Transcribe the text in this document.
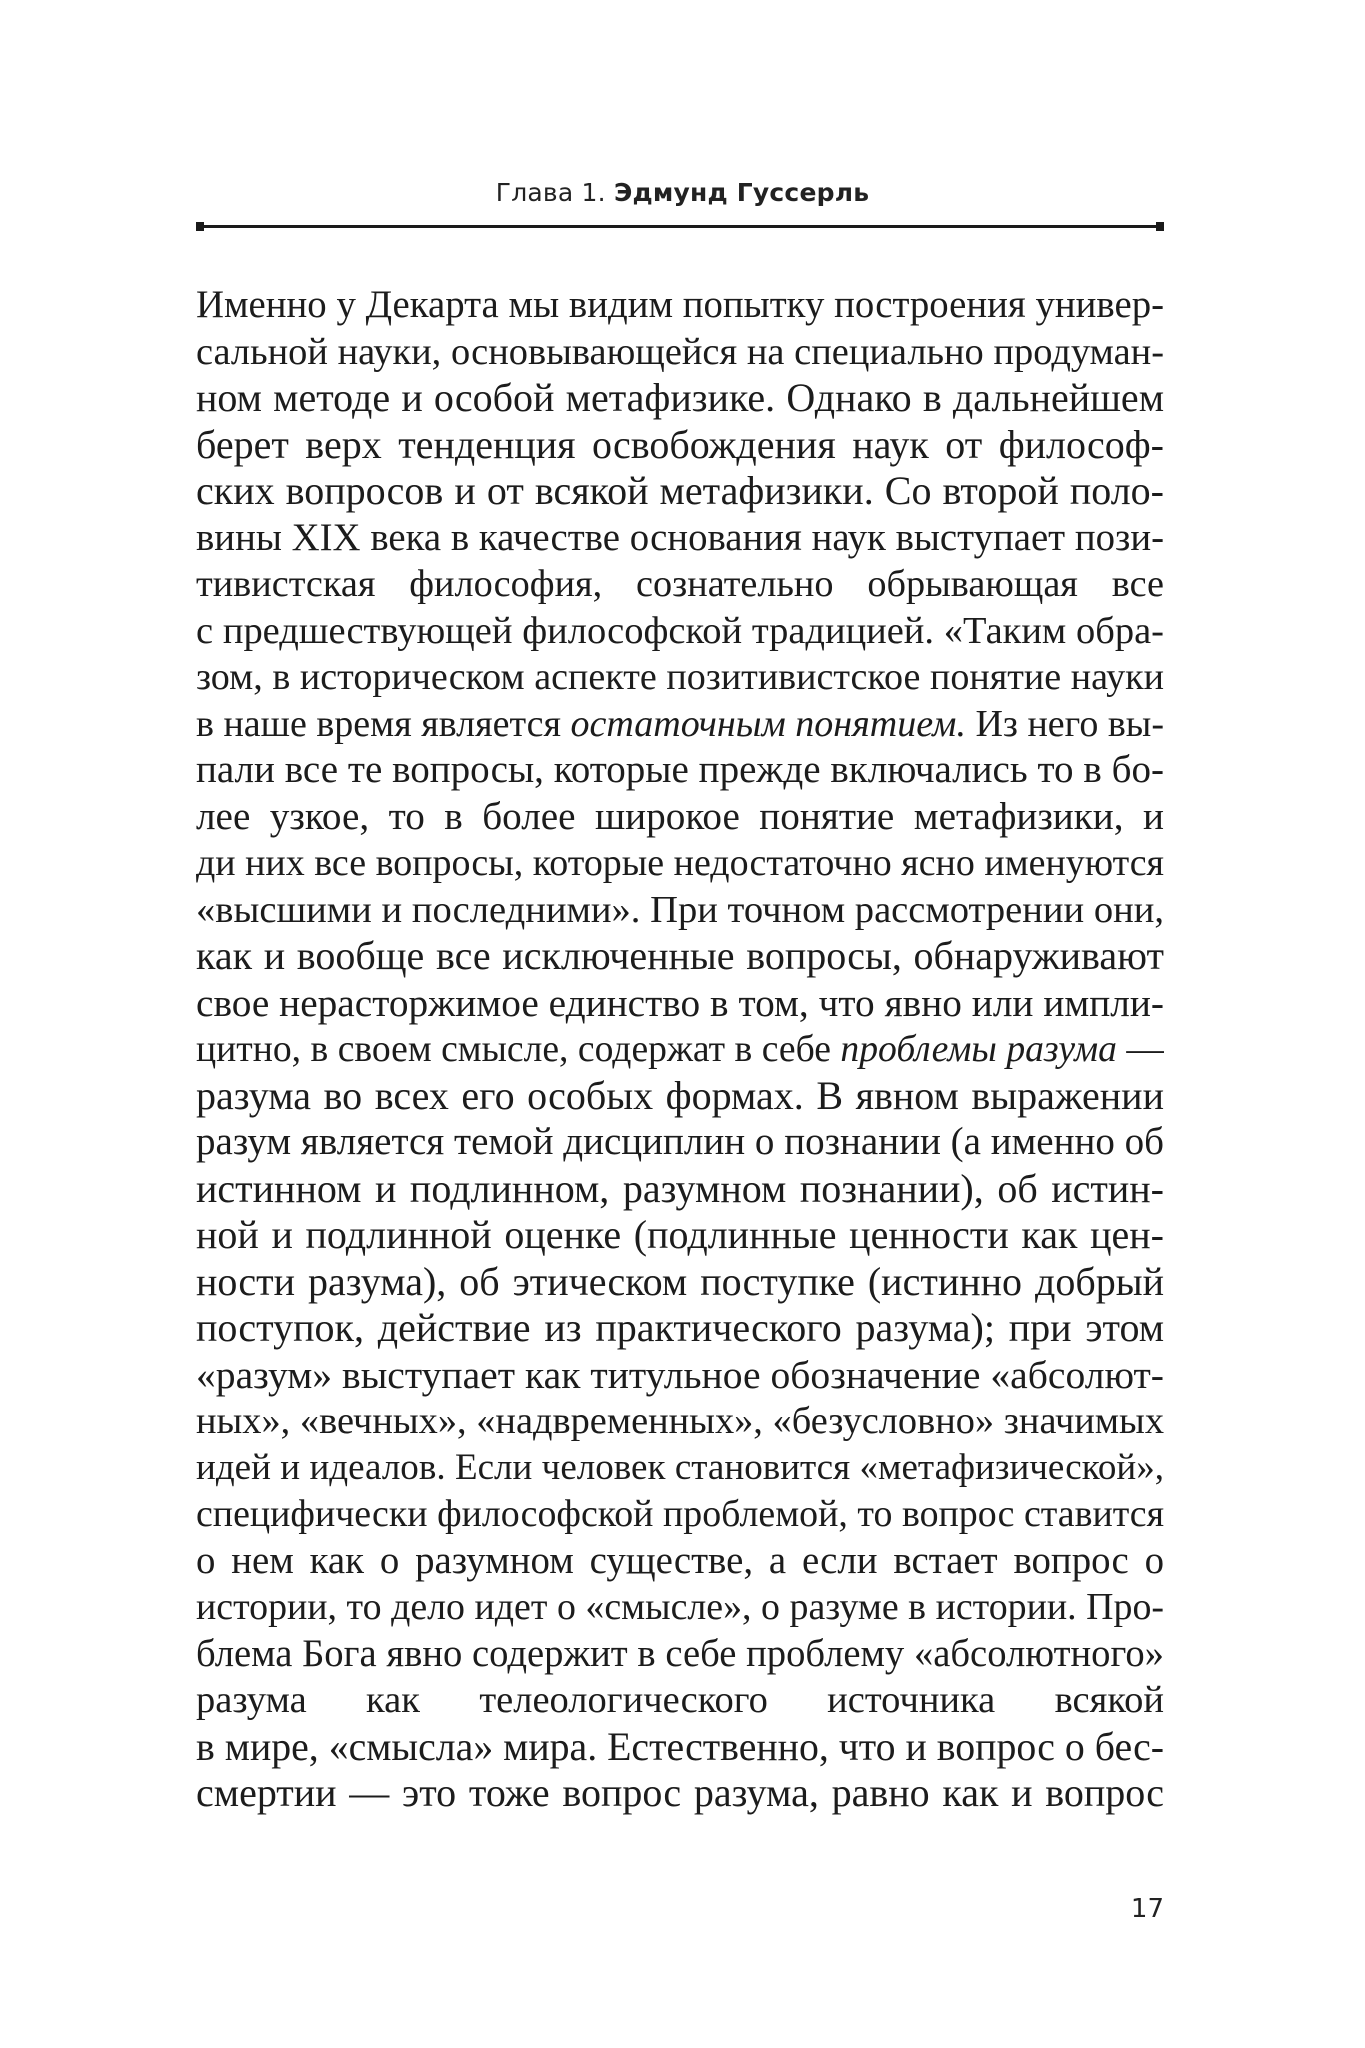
Глава 1. Эдмунд Гуссерль
Именно у Декарта мы видим попытку построения универ-
сальной науки, основывающейся на специально продуман-
ном методе и особой метафизике. Однако в дальнейшем
берет верх тенденция освобождения наук от философ-
ских вопросов и от всякой метафизики. Со второй поло-
вины XIX века в качестве основания наук выступает пози-
тивистская философия, сознательно обрывающая все
с предшествующей философской традицией. «Таким обра-
зом, в историческом аспекте позитивистское понятие науки
в наше время является остаточным понятием. Из него вы-
пали все те вопросы, которые прежде включались то в бо-
лее узкое, то в более широкое понятие метафизики, и
ди них все вопросы, которые недостаточно ясно именуются
«высшими и последними». При точном рассмотрении они,
как и вообще все исключенные вопросы, обнаруживают
свое нерасторжимое единство в том, что явно или импли-
цитно, в своем смысле, содержат в себе проблемы разума —
разума во всех его особых формах. В явном выражении
разум является темой дисциплин о познании (а именно об
истинном и подлинном, разумном познании), об истин-
ной и подлинной оценке (подлинные ценности как цен-
ности разума), об этическом поступке (истинно добрый
поступок, действие из практического разума); при этом
«разум» выступает как титульное обозначение «абсолют-
ных», «вечных», «надвременных», «безусловно» значимых
идей и идеалов. Если человек становится «метафизической»,
специфически философской проблемой, то вопрос ставится
о нем как о разумном существе, а если встает вопрос о
истории, то дело идет о «смысле», о разуме в истории. Про-
блема Бога явно содержит в себе проблему «абсолютного»
разума как телеологического источника всякой
в мире, «смысла» мира. Естественно, что и вопрос о бес-
смертии — это тоже вопрос разума, равно как и вопрос
17
